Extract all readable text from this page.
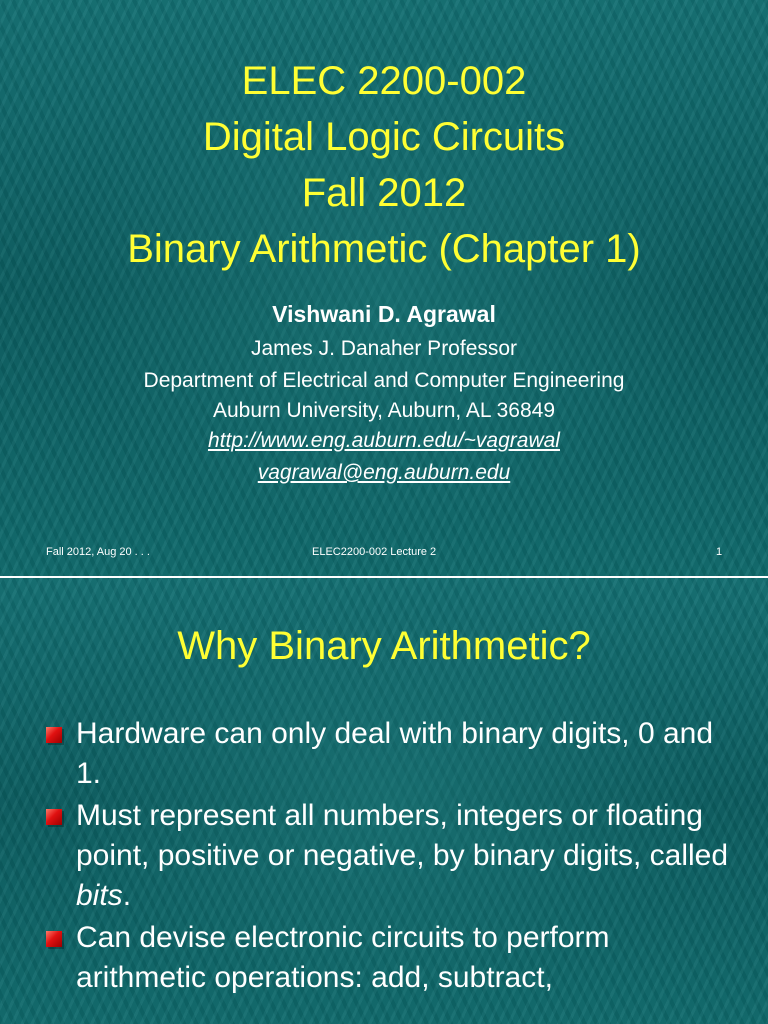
ELEC 2200-002
Digital Logic Circuits
Fall 2012
Binary Arithmetic (Chapter 1)
Vishwani D. Agrawal
James J. Danaher Professor
Department of Electrical and Computer Engineering
Auburn University, Auburn, AL 36849
http://www.eng.auburn.edu/~vagrawal
vagrawal@eng.auburn.edu
Fall 2012, Aug 20 . . .	ELEC2200-002 Lecture 2	1
Why Binary Arithmetic?
Hardware can only deal with binary digits, 0 and 1.
Must represent all numbers, integers or floating point, positive or negative, by binary digits, called bits.
Can devise electronic circuits to perform arithmetic operations: add, subtract,
